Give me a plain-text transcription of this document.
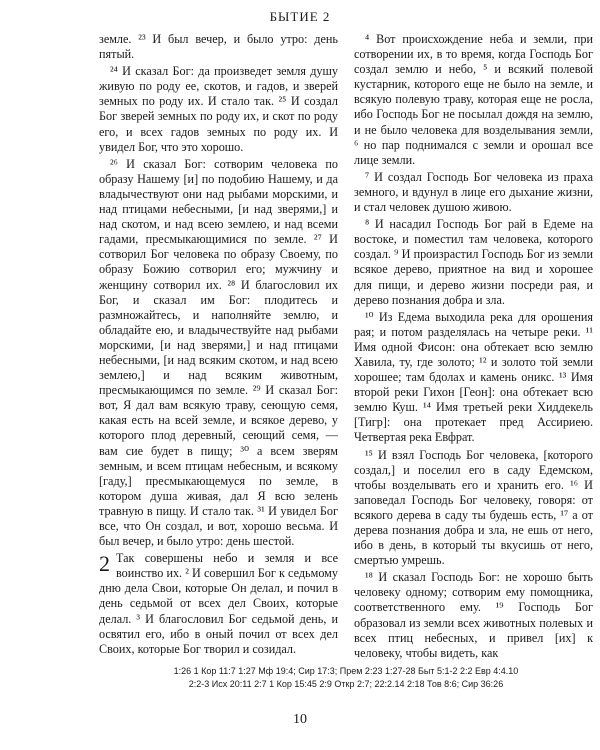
БЫТИЕ 2

земле. ²³ И был вечер, и было утро: день пятый.

²⁴ И сказал Бог: да произведет земля душу живую по роду ее, скотов, и гадов, и зверей земных по роду их. И стало так. ²⁵ И создал Бог зверей земных по роду их, и скот по роду его, и всех гадов земных по роду их. И увидел Бог, что это хорошо.

²⁶ И сказал Бог: сотворим человека по образу Нашему [и] по подобию Нашему, и да владычествуют они над рыбами морскими, и над птицами небесными, [и над зверями,] и над скотом, и над всею землею, и над всеми гадами, пресмыкающимися по земле. ²⁷ И сотворил Бог человека по образу Своему, по образу Божию сотворил его; мужчину и женщину сотворил их. ²⁸ И благословил их Бог, и сказал им Бог: плодитесь и размножайтесь, и наполняйте землю, и обладайте ею, и владычествуйте над рыбами морскими, [и над зверями,] и над птицами небесными, [и над всяким скотом, и над всею землею,] и над всяким животным, пресмыкающимся по земле. ²⁹ И сказал Бог: вот, Я дал вам всякую траву, сеющую семя, какая есть на всей земле, и всякое дерево, у которого плод деревный, сеющий семя, — вам сие будет в пищу; ³⁰ а всем зверям земным, и всем птицам небесным, и всякому [гаду,] пресмыкающемуся по земле, в котором душа живая, дал Я всю зелень травную в пищу. И стало так. ³¹ И увидел Бог все, что Он создал, и вот, хорошо весьма. И был вечер, и было утро: день шестой.

2 Так совершены небо и земля и все воинство их. ² И совершил Бог к седьмому дню дела Свои, которые Он делал, и почил в день седьмой от всех дел Своих, которые делал. ³ И благословил Бог седьмой день, и освятил его, ибо в оный почил от всех дел Своих, которые Бог творил и созидал.

⁴ Вот происхождение неба и земли, при сотворении их, в то время, когда Господь Бог создал землю и небо, ⁵ и всякий полевой кустарник, которого еще не было на земле, и всякую полевую траву, которая еще не росла, ибо Господь Бог не посылал дождя на землю, и не было человека для возделывания земли, ⁶ но пар поднимался с земли и орошал все лице земли.

⁷ И создал Господь Бог человека из праха земного, и вдунул в лице его дыхание жизни, и стал человек душою живою.

⁸ И насадил Господь Бог рай в Едеме на востоке, и поместил там человека, которого создал. ⁹ И произрастил Господь Бог из земли всякое дерево, приятное на вид и хорошее для пищи, и дерево жизни посреди рая, и дерево познания добра и зла.

¹⁰ Из Едема выходила река для орошения рая; и потом разделялась на четыре реки. ¹¹ Имя одной Фисон: она обтекает всю землю Хавила, ту, где золото; ¹² и золото той земли хорошее; там бдолах и камень оникс. ¹³ Имя второй реки Гихон [Геон]: она обтекает всю землю Куш. ¹⁴ Имя третьей реки Хиддекель [Тигр]: она протекает пред Ассириею. Четвертая река Евфрат.

¹⁵ И взял Господь Бог человека, [которого создал,] и поселил его в саду Едемском, чтобы возделывать его и хранить его. ¹⁶ И заповедал Господь Бог человеку, говоря: от всякого дерева в саду ты будешь есть, ¹⁷ а от дерева познания добра и зла, не ешь от него, ибо в день, в который ты вкусишь от него, смертью умрешь.

¹⁸ И сказал Господь Бог: не хорошо быть человеку одному; сотворим ему помощника, соответственного ему. ¹⁹ Господь Бог образовал из земли всех животных полевых и всех птиц небесных, и привел [их] к человеку, чтобы видеть, как

1:26 1 Кор 11:7 1:27 Мф 19:4; Сир 17:3; Прем 2:23 1:27-28 Быт 5:1-2 2:2 Евр 4:4.10
2:2-3 Исх 20:11 2:7 1 Кор 15:45 2:9 Откр 2:7; 22:2.14 2:18 Тов 8:6; Сир 36:26
10
